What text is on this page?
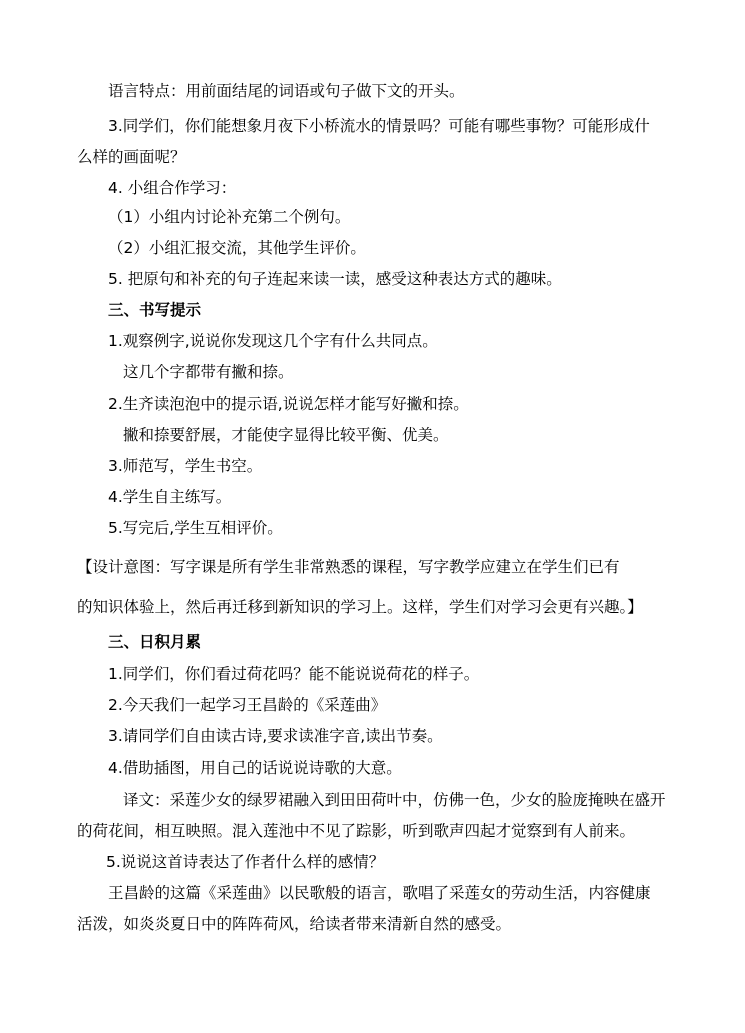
语言特点：用前面结尾的词语或句子做下文的开头。
3.同学们，你们能想象月夜下小桥流水的情景吗？可能有哪些事物？可能形成什
么样的画面呢？
4. 小组合作学习：
（1）小组内讨论补充第二个例句。
（2）小组汇报交流，其他学生评价。
5. 把原句和补充的句子连起来读一读，感受这种表达方式的趣味。
三、书写提示
1.观察例字,说说你发现这几个字有什么共同点。
这几个字都带有撇和捺。
2.生齐读泡泡中的提示语,说说怎样才能写好撇和捺。
撇和捺要舒展，才能使字显得比较平衡、优美。
3.师范写，学生书空。
4.学生自主练写。
5.写完后,学生互相评价。
【设计意图：写字课是所有学生非常熟悉的课程，写字教学应建立在学生们已有
的知识体验上，然后再迁移到新知识的学习上。这样，学生们对学习会更有兴趣。】
三、日积月累
1.同学们，你们看过荷花吗？能不能说说荷花的样子。
2.今天我们一起学习王昌龄的《采莲曲》
3.请同学们自由读古诗,要求读准字音,读出节奏。
4.借助插图，用自己的话说说诗歌的大意。
译文：采莲少女的绿罗裙融入到田田荷叶中，仿佛一色，少女的脸庞掩映在盛开
的荷花间，相互映照。混入莲池中不见了踪影，听到歌声四起才觉察到有人前来。
5.说说这首诗表达了作者什么样的感情？
王昌龄的这篇《采莲曲》以民歌般的语言，歌唱了采莲女的劳动生活，内容健康
活泼，如炎炎夏日中的阵阵荷风，给读者带来清新自然的感受。
